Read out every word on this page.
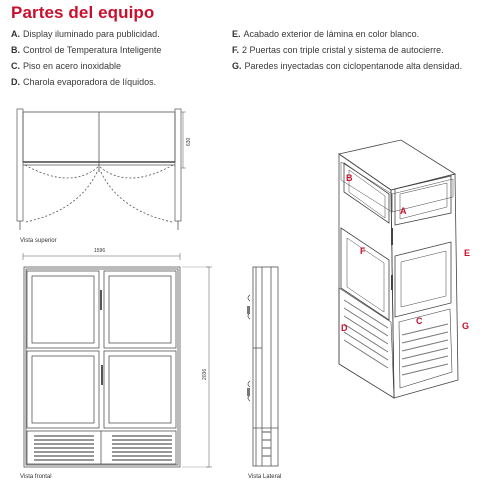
Partes del equipo
A. Display iluminado para publicidad.
B. Control de Temperatura Inteligente
C. Piso en acero inoxidable
D. Charola evaporadora de líquidos.
E. Acabado exterior de lámina en color blanco.
F. 2 Puertas con triple cristal y sistema de autocierre.
G. Paredes inyectadas con ciclopentanode alta densidad.
630
1596
2036
Vista superior
Vista frontal	Vista Lateral
B
A
F	E
C
D	G
